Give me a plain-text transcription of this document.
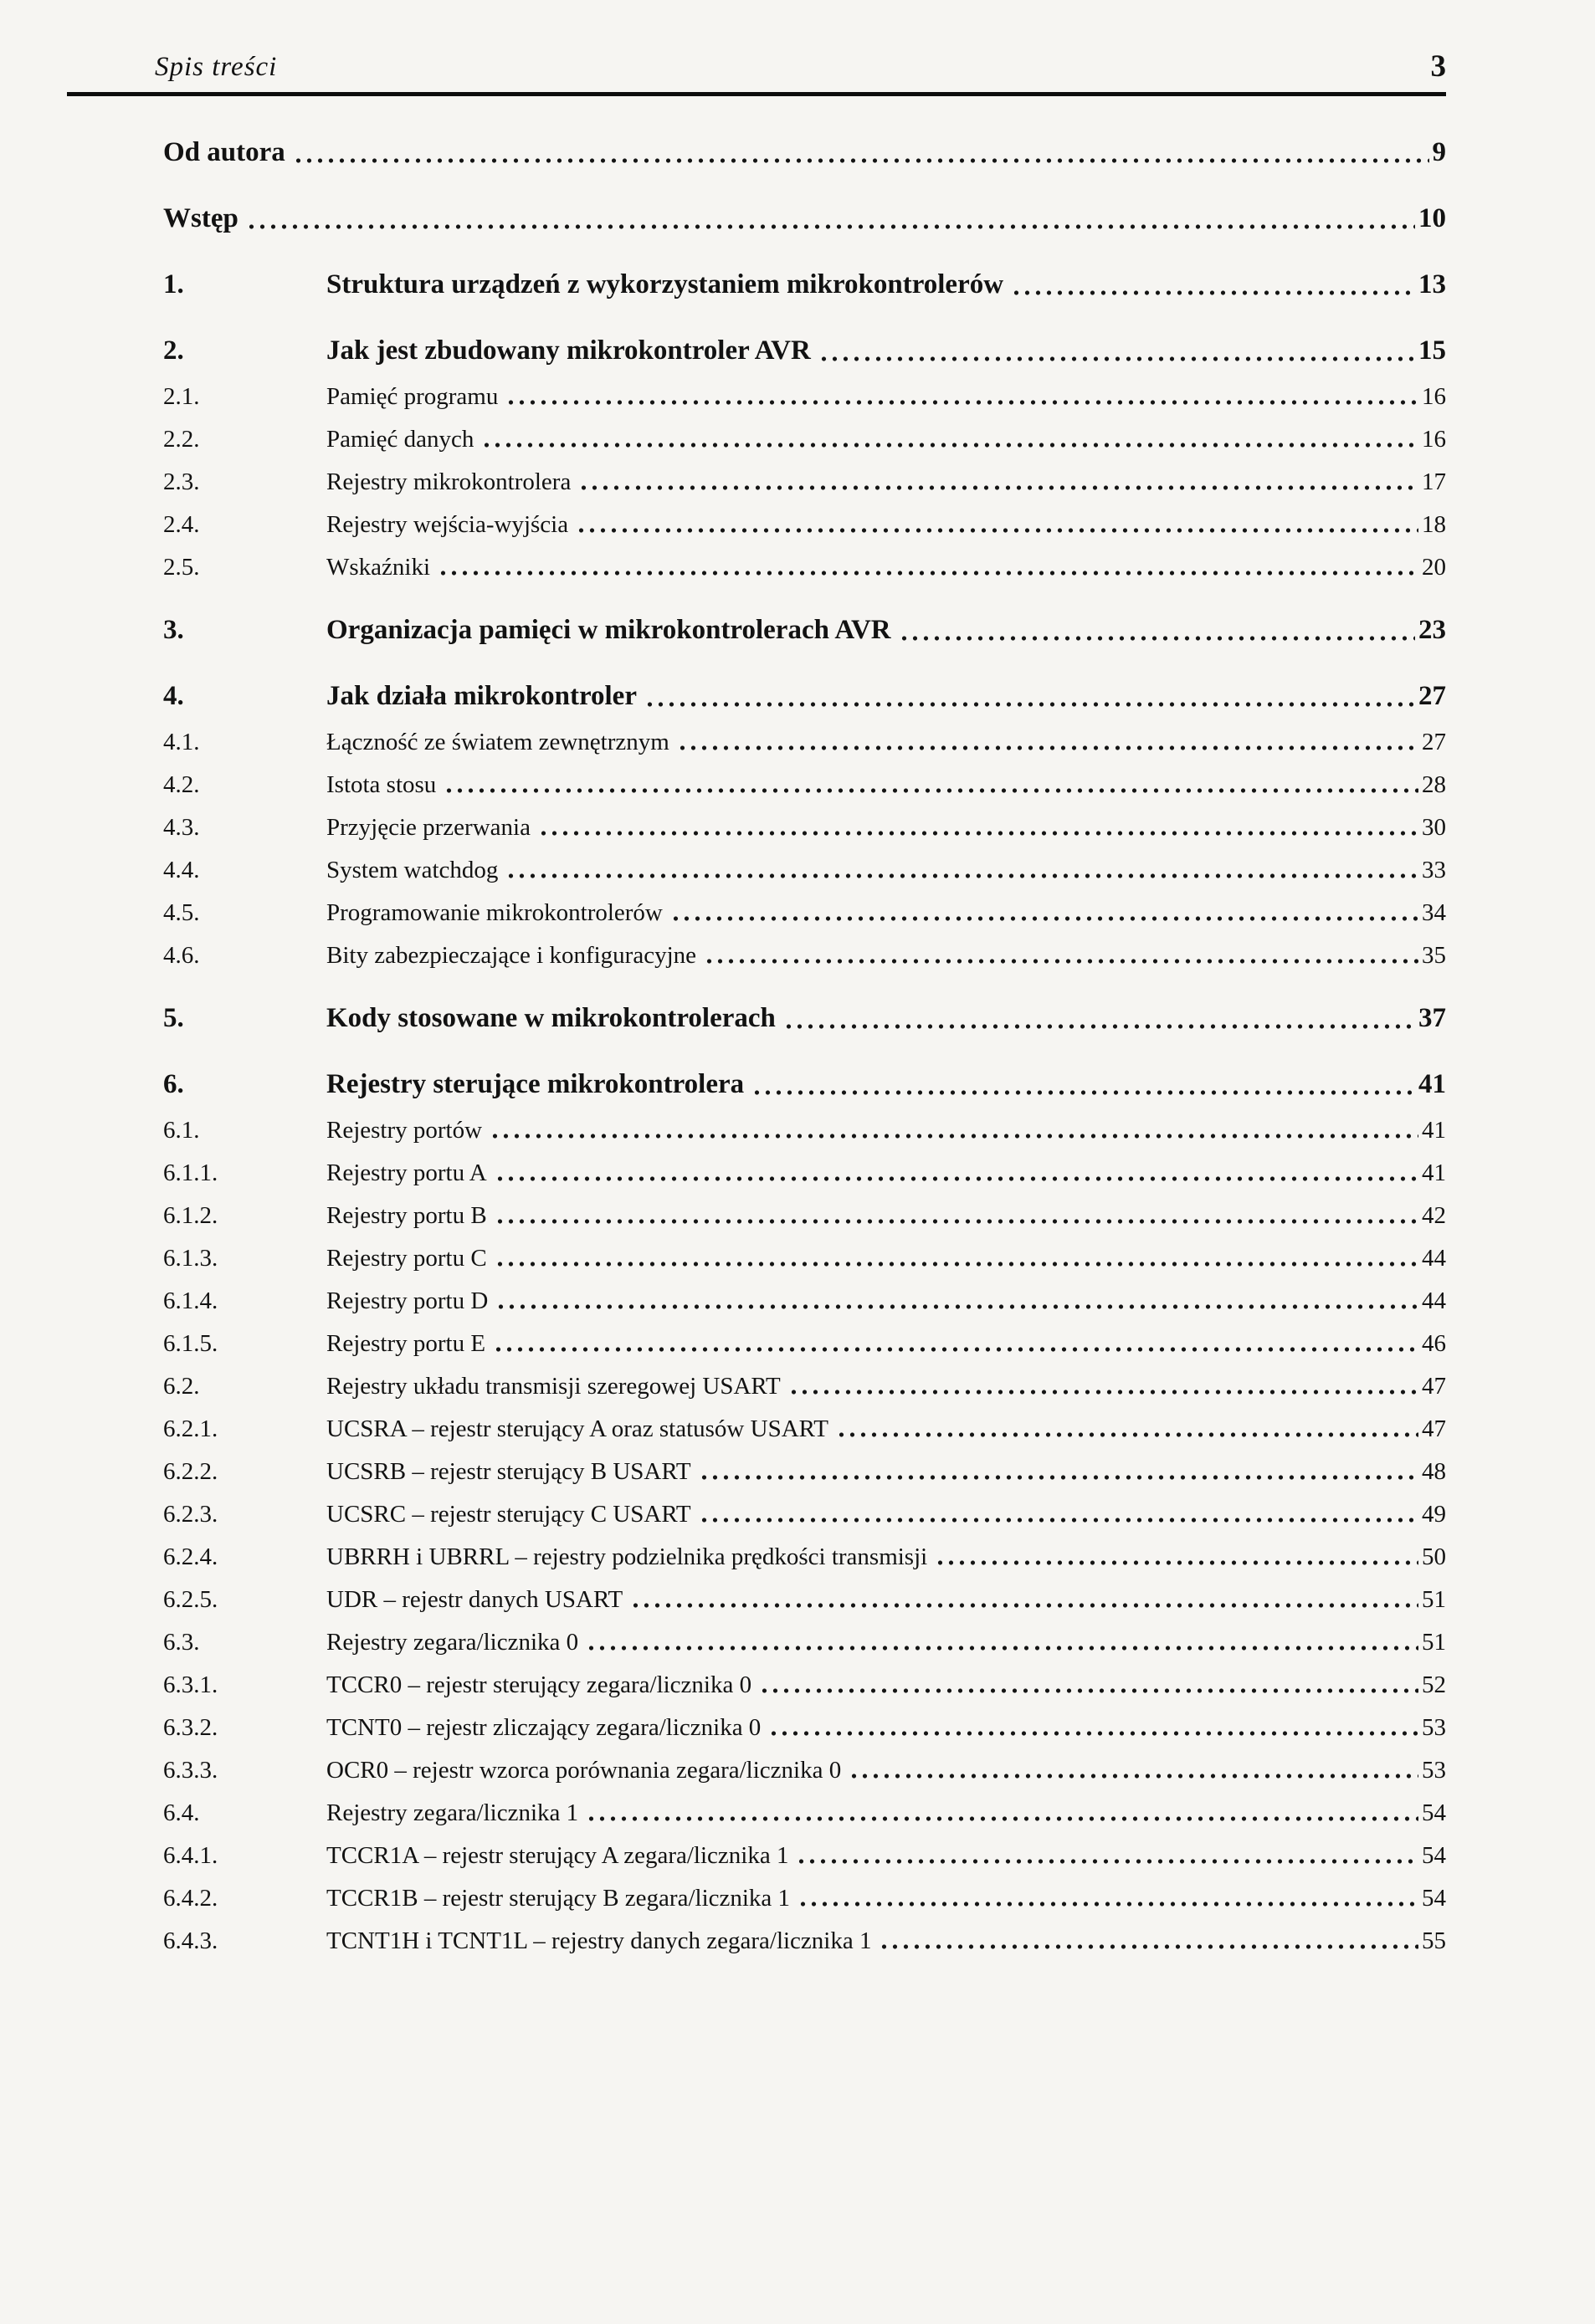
Spis treści	3
Od autora	9
Wstęp	10
1.	Struktura urządzeń z wykorzystaniem mikrokontrolerów	13
2.	Jak jest zbudowany mikrokontroler AVR	15
2.1.	Pamięć programu	16
2.2.	Pamięć danych	16
2.3.	Rejestry mikrokontrolera	17
2.4.	Rejestry wejścia-wyjścia	18
2.5.	Wskaźniki	20
3.	Organizacja pamięci w mikrokontrolerach AVR	23
4.	Jak działa mikrokontroler	27
4.1.	Łączność ze światem zewnętrznym	27
4.2.	Istota stosu	28
4.3.	Przyjęcie przerwania	30
4.4.	System watchdog	33
4.5.	Programowanie mikrokontrolerów	34
4.6.	Bity zabezpieczające i konfiguracyjne	35
5.	Kody stosowane w mikrokontrolerach	37
6.	Rejestry sterujące mikrokontrolera	41
6.1.	Rejestry portów	41
6.1.1.	Rejestry portu A	41
6.1.2.	Rejestry portu B	42
6.1.3.	Rejestry portu C	44
6.1.4.	Rejestry portu D	44
6.1.5.	Rejestry portu E	46
6.2.	Rejestry układu transmisji szeregowej USART	47
6.2.1.	UCSRA – rejestr sterujący A oraz statusów USART	47
6.2.2.	UCSRB – rejestr sterujący B USART	48
6.2.3.	UCSRC – rejestr sterujący C USART	49
6.2.4.	UBRRH i UBRRL – rejestry podzielnika prędkości transmisji	50
6.2.5.	UDR – rejestr danych USART	51
6.3.	Rejestry zegara/licznika 0	51
6.3.1.	TCCR0 – rejestr sterujący zegara/licznika 0	52
6.3.2.	TCNT0 – rejestr zliczający zegara/licznika 0	53
6.3.3.	OCR0 – rejestr wzorca porównania zegara/licznika 0	53
6.4.	Rejestry zegara/licznika 1	54
6.4.1.	TCCR1A – rejestr sterujący A zegara/licznika 1	54
6.4.2.	TCCR1B – rejestr sterujący B zegara/licznika 1	54
6.4.3.	TCNT1H i TCNT1L – rejestry danych zegara/licznika 1	55
